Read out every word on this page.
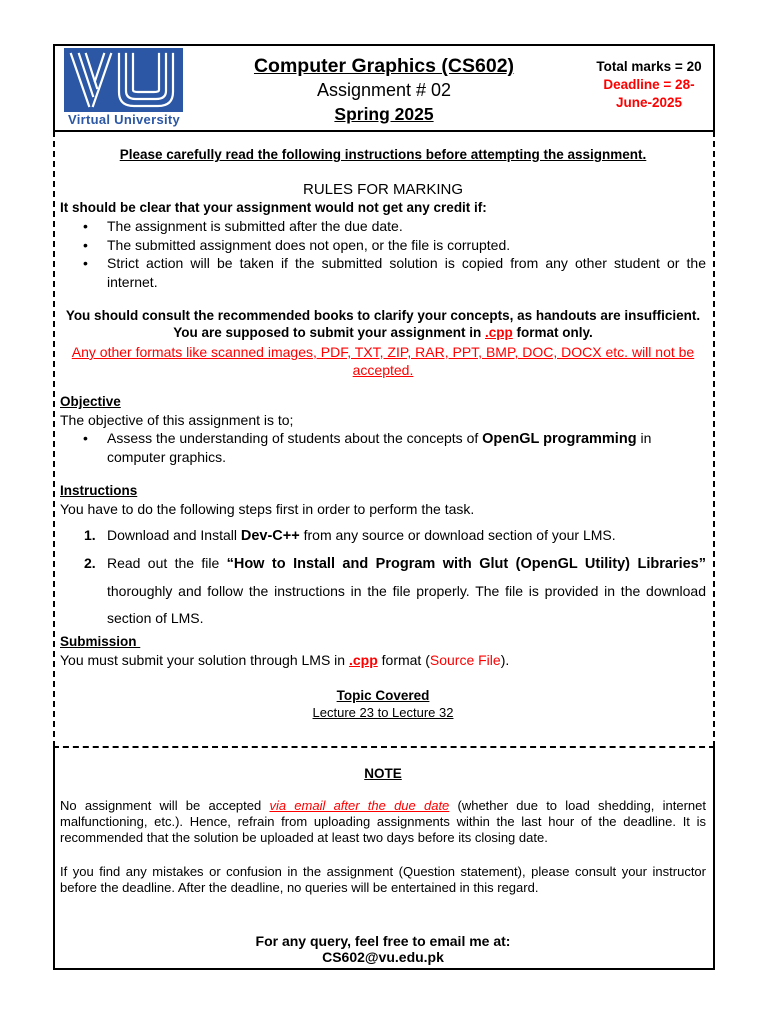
Virtual University
Computer Graphics (CS602)
Assignment # 02
Spring 2025
Total marks = 20
Deadline = 28-June-2025
Please carefully read the following instructions before attempting the assignment.
RULES FOR MARKING
It should be clear that your assignment would not get any credit if:
•
The assignment is submitted after the due date.
•
The submitted assignment does not open, or the file is corrupted.
•
Strict action will be taken if the submitted solution is copied from any other student or the internet.
You should consult the recommended books to clarify your concepts, as handouts are insufficient.
You are supposed to submit your assignment in .cpp format only.
Any other formats like scanned images, PDF, TXT, ZIP, RAR, PPT, BMP, DOC, DOCX etc. will not be accepted.
Objective
The objective of this assignment is to;
•
Assess the understanding of students about the concepts of OpenGL programming in computer graphics.
Instructions
You have to do the following steps first in order to perform the task.
1. Download and Install Dev-C++ from any source or download section of your LMS.
2. Read out the file “How to Install and Program with Glut (OpenGL Utility) Libraries” thoroughly and follow the instructions in the file properly. The file is provided in the download section of LMS.
Submission
You must submit your solution through LMS in .cpp format (Source File).
Topic Covered
Lecture 23 to Lecture 32
NOTE
No assignment will be accepted via email after the due date (whether due to load shedding, internet malfunctioning, etc.). Hence, refrain from uploading assignments within the last hour of the deadline. It is recommended that the solution be uploaded at least two days before its closing date.
If you find any mistakes or confusion in the assignment (Question statement), please consult your instructor before the deadline. After the deadline, no queries will be entertained in this regard.
For any query, feel free to email me at:
CS602@vu.edu.pk
